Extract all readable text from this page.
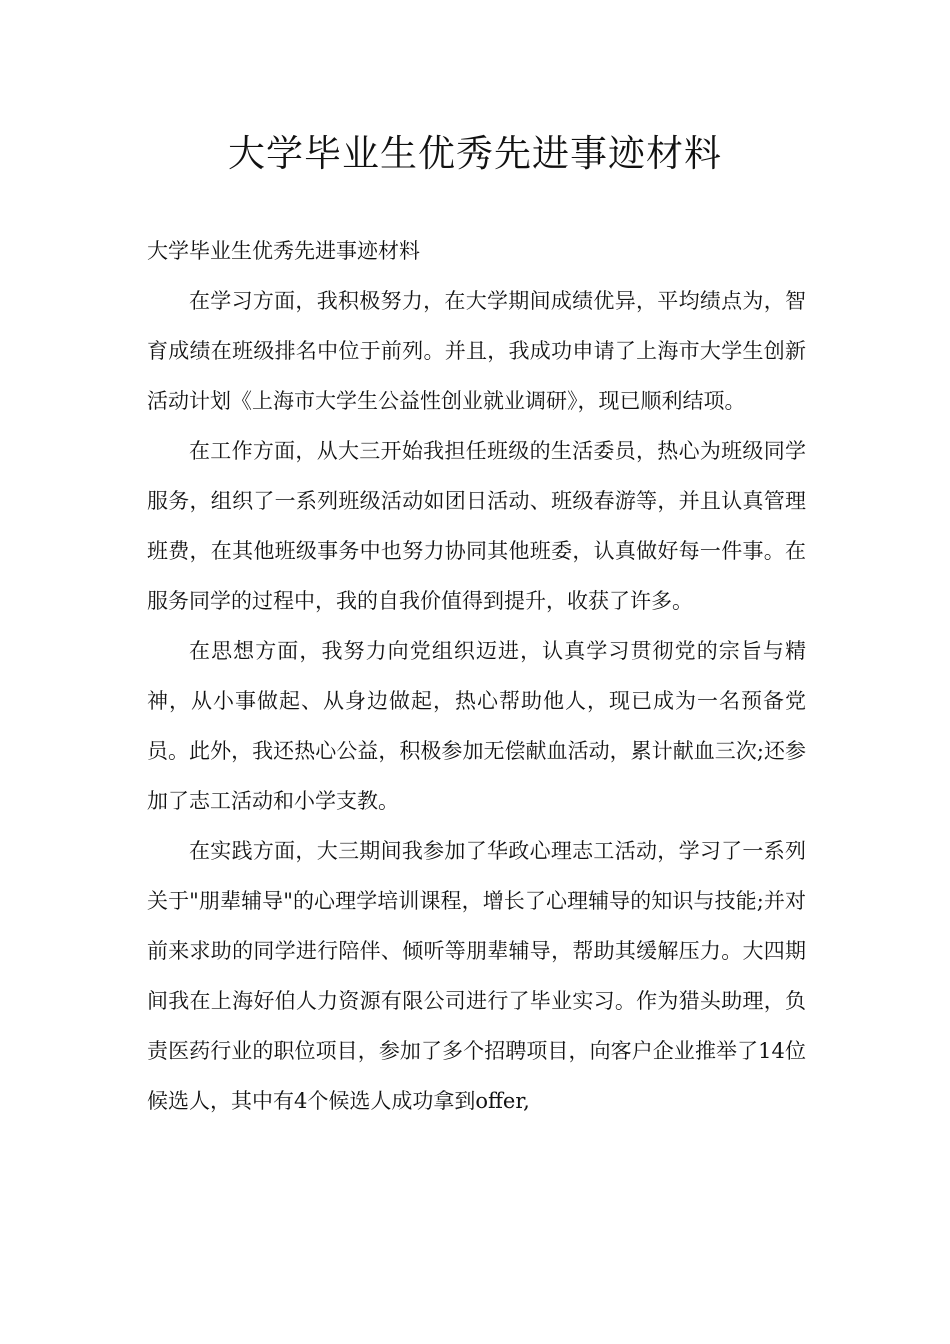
大学毕业生优秀先进事迹材料

大学毕业生优秀先进事迹材料

在学习方面，我积极努力，在大学期间成绩优异，平均绩点为，智育成绩在班级排名中位于前列。并且，我成功申请了上海市大学生创新活动计划《上海市大学生公益性创业就业调研》，现已顺利结项。

在工作方面，从大三开始我担任班级的生活委员，热心为班级同学服务，组织了一系列班级活动如团日活动、班级春游等，并且认真管理班费，在其他班级事务中也努力协同其他班委，认真做好每一件事。在服务同学的过程中，我的自我价值得到提升，收获了许多。

在思想方面，我努力向党组织迈进，认真学习贯彻党的宗旨与精神，从小事做起、从身边做起，热心帮助他人，现已成为一名预备党员。此外，我还热心公益，积极参加无偿献血活动，累计献血三次;还参加了志工活动和小学支教。

在实践方面，大三期间我参加了华政心理志工活动，学习了一系列关于"朋辈辅导"的心理学培训课程，增长了心理辅导的知识与技能;并对前来求助的同学进行陪伴、倾听等朋辈辅导，帮助其缓解压力。大四期间我在上海好伯人力资源有限公司进行了毕业实习。作为猎头助理，负责医药行业的职位项目，参加了多个招聘项目，向客户企业推举了14位候选人，其中有4个候选人成功拿到offer,
